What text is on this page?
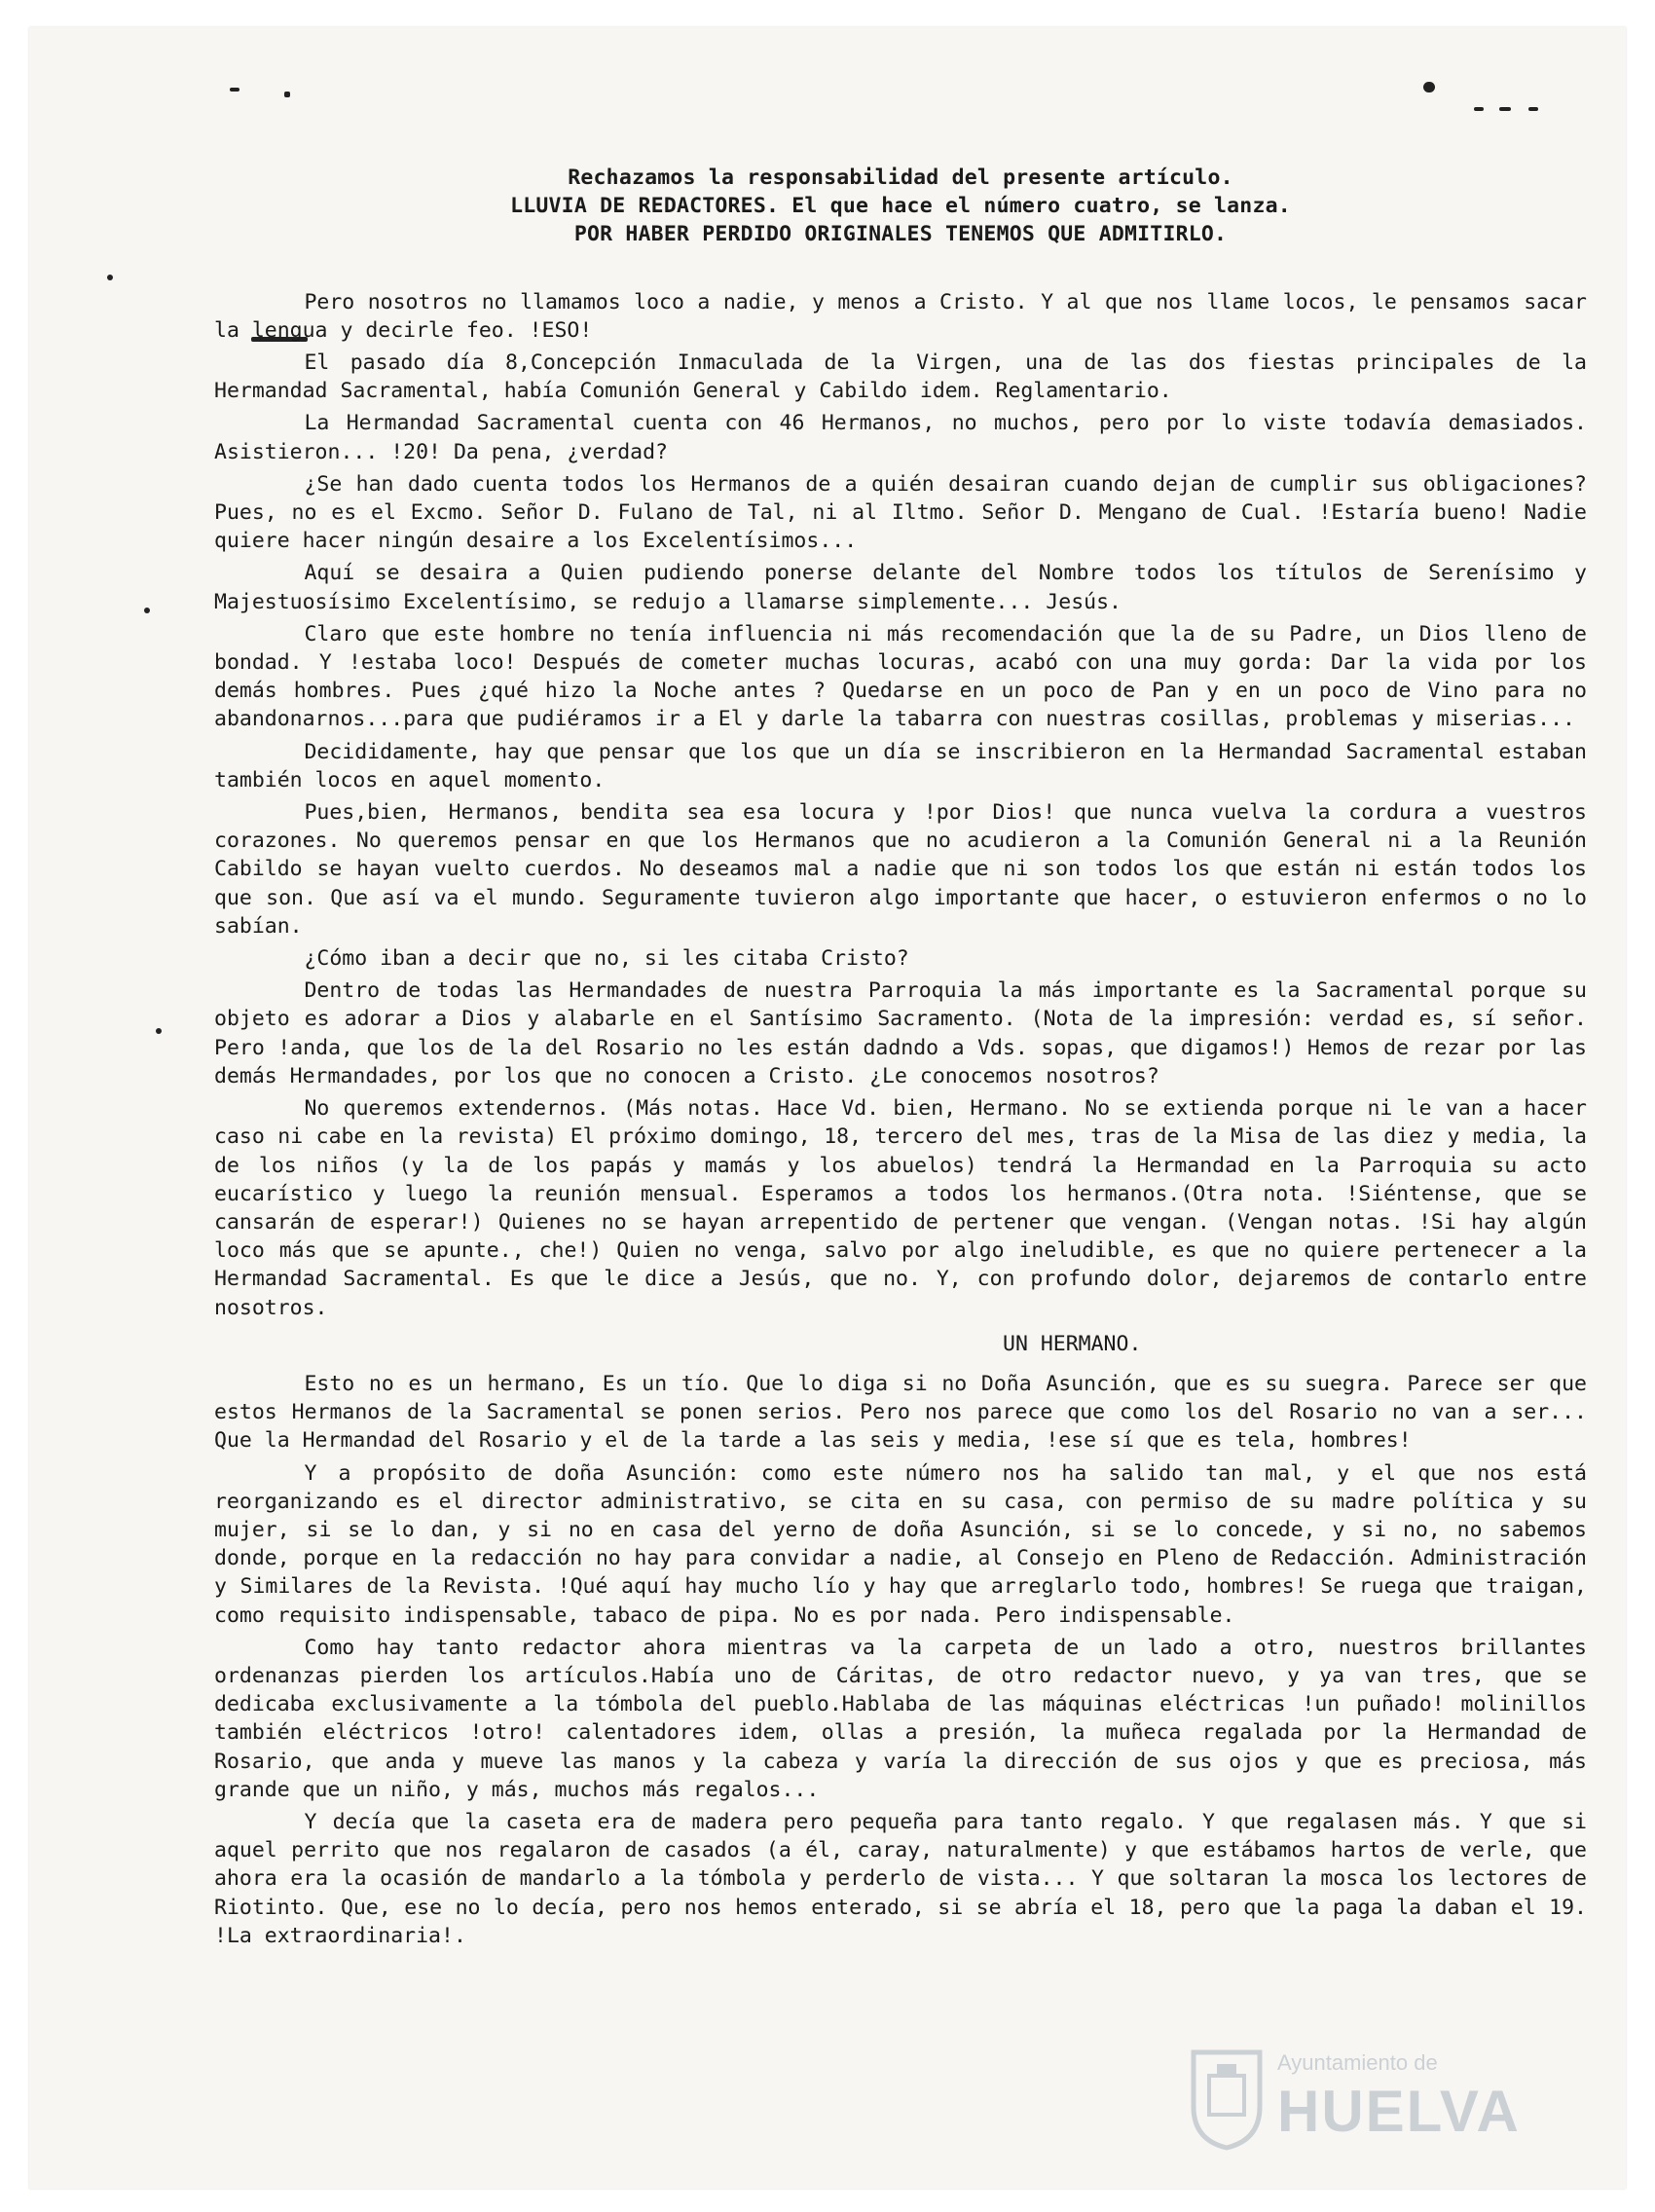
Rechazamos la responsabilidad del presente artículo.
LLUVIA DE REDACTORES. El que hace el número cuatro, se lanza.
POR HABER PERDIDO ORIGINALES TENEMOS QUE ADMITIRLO.

Pero nosotros no llamamos loco a nadie, y menos a Cristo. Y al que nos llame locos, le pensamos sacar la lengua y decirle feo. !ESO!

El pasado día 8,Concepción Inmaculada de la Virgen, una de las dos fiestas principales de la Hermandad Sacramental, había Comunión General y Cabildo idem. Reglamentario.

La Hermandad Sacramental cuenta con 46 Hermanos, no muchos, pero por lo viste todavía demasiados. Asistieron... !20! Da pena, ¿verdad?

¿Se han dado cuenta todos los Hermanos de a quién desairan cuando dejan de cumplir sus obligaciones? Pues, no es el Excmo. Señor D. Fulano de Tal, ni al Iltmo. Señor D. Mengano de Cual. !Estaría bueno! Nadie quiere hacer ningún desaire a los Excelentísimos...

Aquí se desaira a Quien pudiendo ponerse delante del Nombre todos los títulos de Serenísimo y Majestuosísimo Excelentísimo, se redujo a llamarse simplemente... Jesús.

Claro que este hombre no tenía influencia ni más recomendación que la de su Padre, un Dios lleno de bondad. Y !estaba loco! Después de cometer muchas locuras, acabó con una muy gorda: Dar la vida por los demás hombres. Pues ¿qué hizo la Noche antes ? Quedarse en un poco de Pan y en un poco de Vino para no abandonarnos...para que pudiéramos ir a El y darle la tabarra con nuestras cosillas, problemas y miserias...

Decididamente, hay que pensar que los que un día se inscribieron en la Hermandad Sacramental estaban también locos en aquel momento.

Pues,bien, Hermanos, bendita sea esa locura y !por Dios! que nunca vuelva la cordura a vuestros corazones. No queremos pensar en que los Hermanos que no acudieron a la Comunión General ni a la Reunión Cabildo se hayan vuelto cuerdos. No deseamos mal a nadie que ni son todos los que están ni están todos los que son. Que así va el mundo. Seguramente tuvieron algo importante que hacer, o estuvieron enfermos o no lo sabían.

¿Cómo iban a decir que no, si les citaba Cristo?

Dentro de todas las Hermandades de nuestra Parroquia la más importante es la Sacramental porque su objeto es adorar a Dios y alabarle en el Santísimo Sacramento. (Nota de la impresión: verdad es, sí señor. Pero !anda, que los de la del Rosario no les están dadndo a Vds. sopas, que digamos!) Hemos de rezar por las demás Hermandades, por los que no conocen a Cristo. ¿Le conocemos nosotros?

No queremos extendernos. (Más notas. Hace Vd. bien, Hermano. No se extienda porque ni le van a hacer caso ni cabe en la revista) El próximo domingo, 18, tercero del mes, tras de la Misa de las diez y media, la de los niños (y la de los papás y mamás y los abuelos) tendrá la Hermandad en la Parroquia su acto eucarístico y luego la reunión mensual. Esperamos a todos los hermanos.(Otra nota. !Siéntense, que se cansarán de esperar!) Quienes no se hayan arrepentido de pertener que vengan. (Vengan notas. !Si hay algún loco más que se apunte., che!) Quien no venga, salvo por algo ineludible, es que no quiere pertenecer a la Hermandad Sacramental. Es que le dice a Jesús, que no. Y, con profundo dolor, dejaremos de contarlo entre nosotros.

UN HERMANO.

Esto no es un hermano, Es un tío. Que lo diga si no Doña Asunción, que es su suegra. Parece ser que estos Hermanos de la Sacramental se ponen serios. Pero nos parece que como los del Rosario no van a ser... Que la Hermandad del Rosario y el de la tarde a las seis y media, !ese sí que es tela, hombres!

Y a propósito de doña Asunción: como este número nos ha salido tan mal, y el que nos está reorganizando es el director administrativo, se cita en su casa, con permiso de su madre política y su mujer, si se lo dan, y si no en casa del yerno de doña Asunción, si se lo concede, y si no, no sabemos donde, porque en la redacción no hay para convidar a nadie, al Consejo en Pleno de Redacción. Administración y Similares de la Revista. !Qué aquí hay mucho lío y hay que arreglarlo todo, hombres! Se ruega que traigan, como requisito indispensable, tabaco de pipa. No es por nada. Pero indispensable.

Como hay tanto redactor ahora mientras va la carpeta de un lado a otro, nuestros brillantes ordenanzas pierden los artículos.Había uno de Cáritas, de otro redactor nuevo, y ya van tres, que se dedicaba exclusivamente a la tómbola del pueblo.Hablaba de las máquinas eléctricas !un puñado! molinillos también eléctricos !otro! calentadores idem, ollas a presión, la muñeca regalada por la Hermandad de Rosario, que anda y mueve las manos y la cabeza y varía la dirección de sus ojos y que es preciosa, más grande que un niño, y más, muchos más regalos...

Y decía que la caseta era de madera pero pequeña para tanto regalo. Y que regalasen más. Y que si aquel perrito que nos regalaron de casados (a él, caray, naturalmente) y que estábamos hartos de verle, que ahora era la ocasión de mandarlo a la tómbola y perderlo de vista... Y que soltaran la mosca los lectores de Riotinto. Que, ese no lo decía, pero nos hemos enterado, si se abría el 18, pero que la paga la daban el 19. !La extraordinaria!.

Ayuntamiento de
HUELVA
